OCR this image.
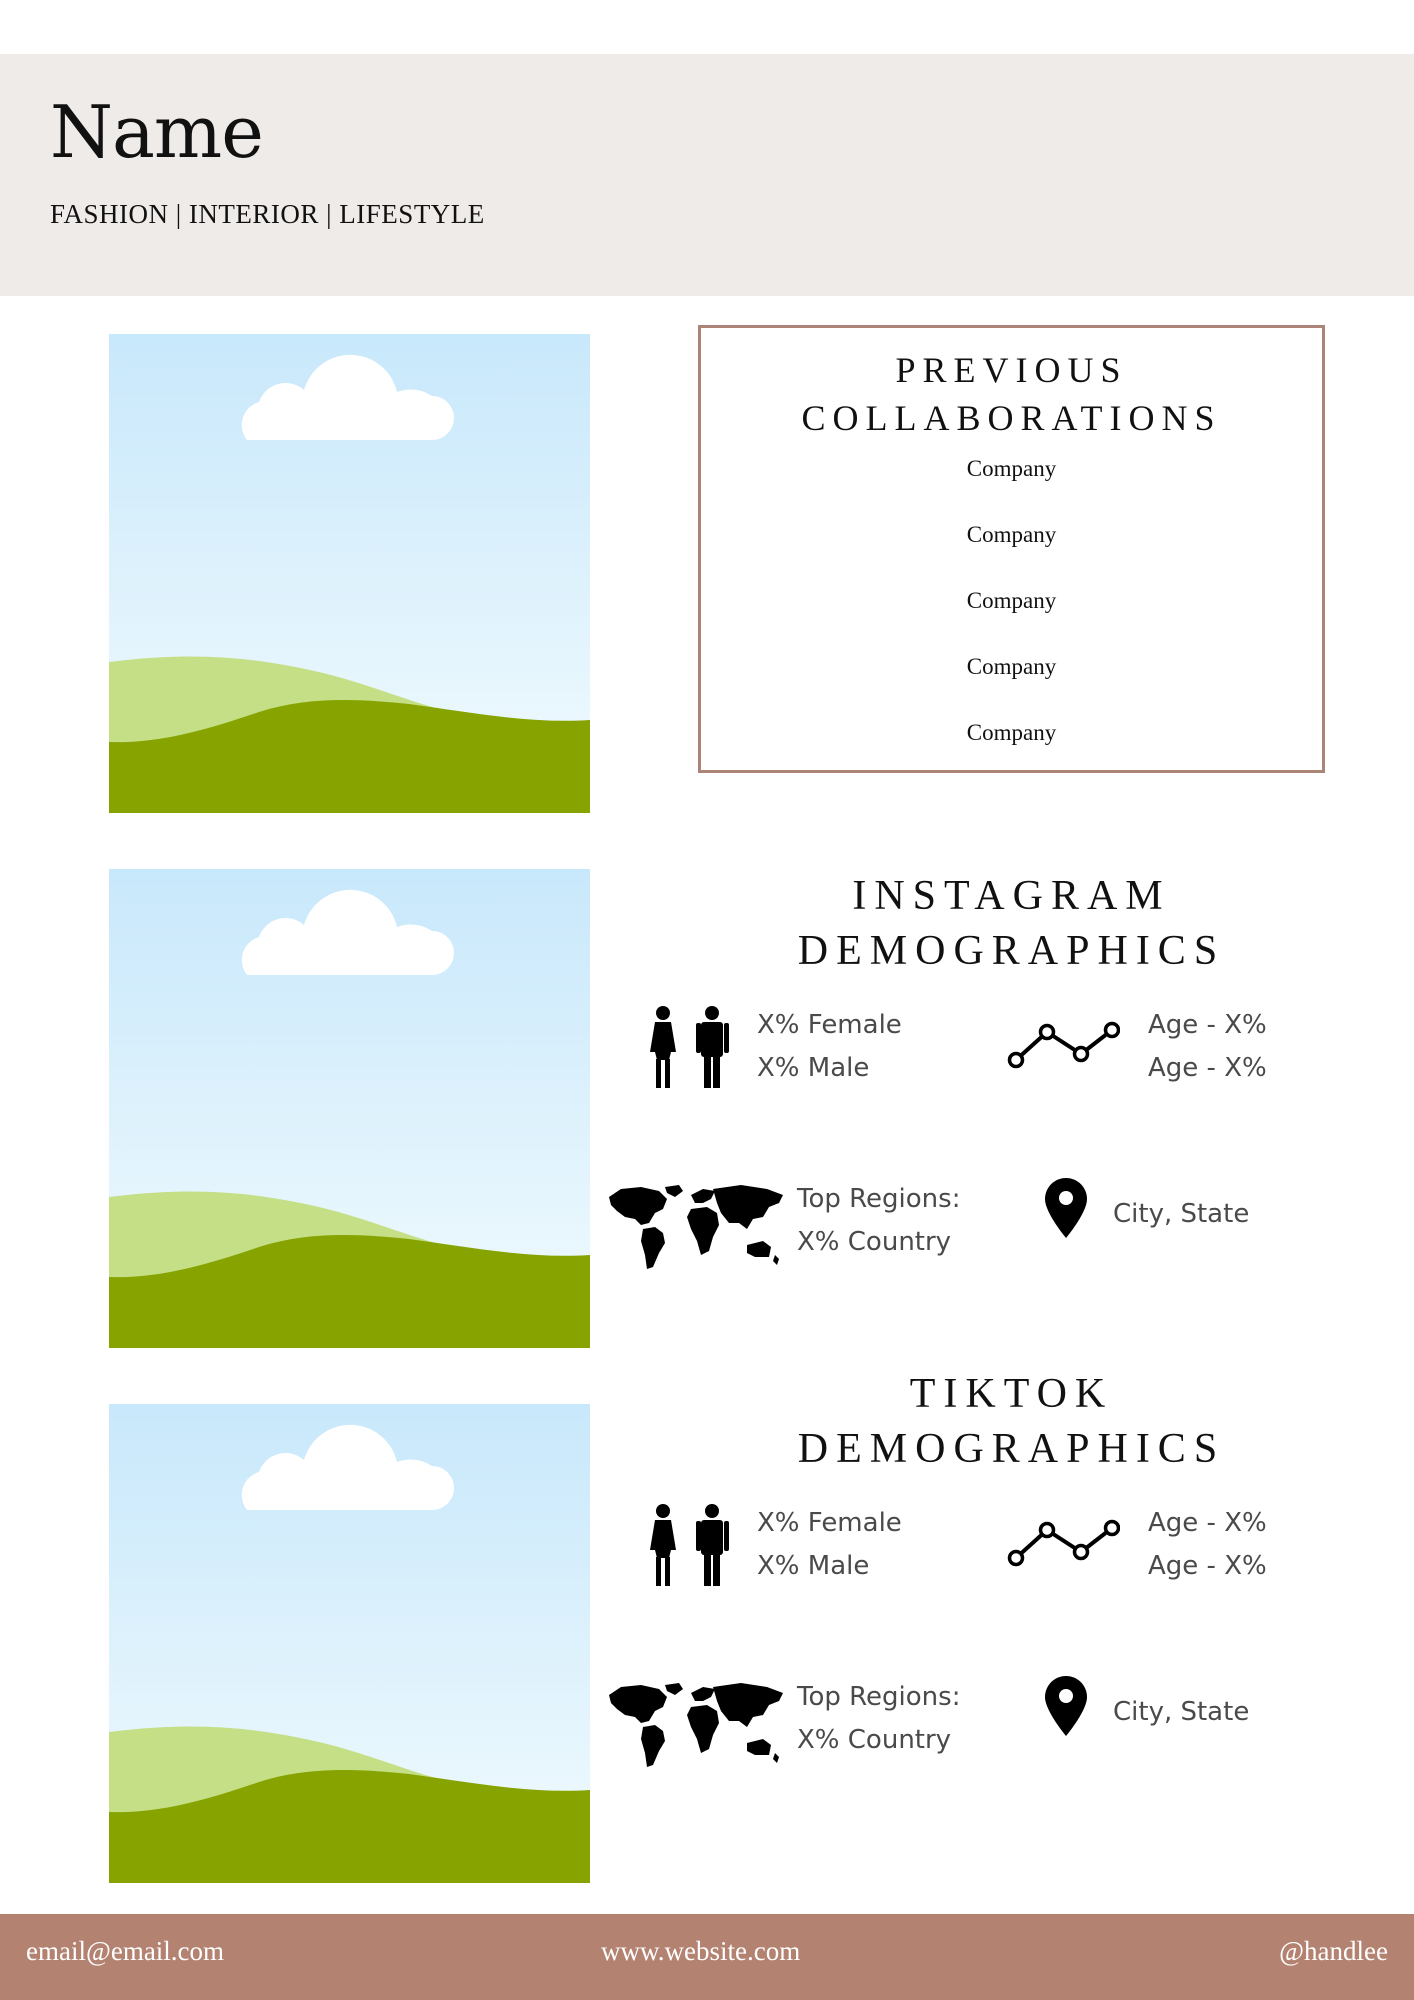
Name
FASHION | INTERIOR | LIFESTYLE
PREVIOUS
COLLABORATIONS
Company
Company
Company
Company
Company
INSTAGRAM
DEMOGRAPHICS
X% Female
X% Male
Age - X%
Age - X%
Top Regions:
X% Country
City, State
TIKTOK
DEMOGRAPHICS
X% Female
X% Male
Age - X%
Age - X%
Top Regions:
X% Country
City, State
email@email.com	www.website.com	@handlee
